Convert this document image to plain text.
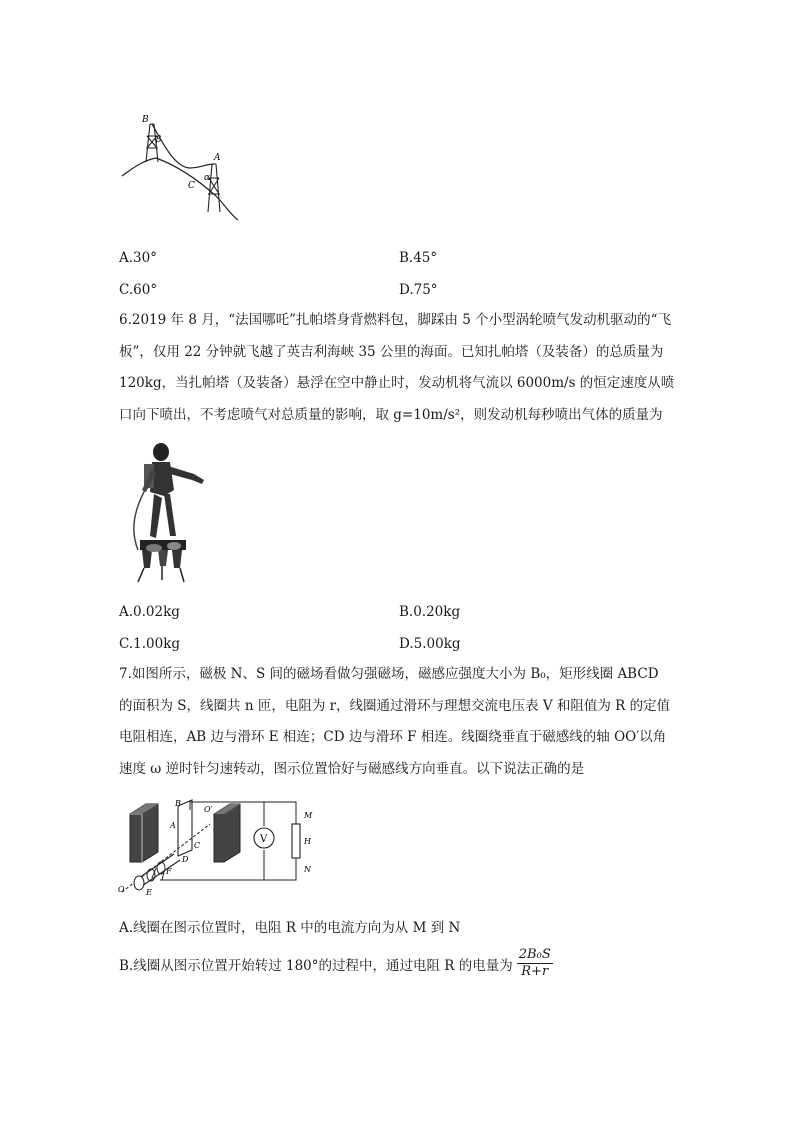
B
β
A
α
C
A.30°	B.45°
C.60°	D.75°
6.2019 年 8 月，“法国哪吒”扎帕塔身背燃料包，脚踩由 5 个小型涡轮喷气发动机驱动的“飞
板”，仅用 22 分钟就飞越了英吉利海峡 35 公里的海面。已知扎帕塔（及装备）的总质量为
120kg，当扎帕塔（及装备）悬浮在空中静止时，发动机将气流以 6000m/s 的恒定速度从喷
口向下喷出，不考虑喷气对总质量的影响，取 g=10m/s²，则发动机每秒喷出气体的质量为
A.0.02kg	B.0.20kg
C.1.00kg	D.5.00kg
7.如图所示，磁极 N、S 间的磁场看做匀强磁场，磁感应强度大小为 B₀，矩形线圈 ABCD
的面积为 S，线圈共 n 匝，电阻为 r，线圈通过滑环与理想交流电压表 V 和阻值为 R 的定值
电阻相连，AB 边与滑环 E 相连；CD 边与滑环 F 相连。线圈绕垂直于磁感线的轴 OO′以角
速度 ω 逆时针匀速转动，图示位置恰好与磁感线方向垂直。以下说法正确的是
V
B
A
O′
C
D
F
E
O
M
H
N
A.线圈在图示位置时，电阻 R 中的电流方向为从 M 到 N
B.线圈从图示位置开始转过 180°的过程中，通过电阻 R 的电量为 $\frac{\text{2B₀S}}{R+r}$
